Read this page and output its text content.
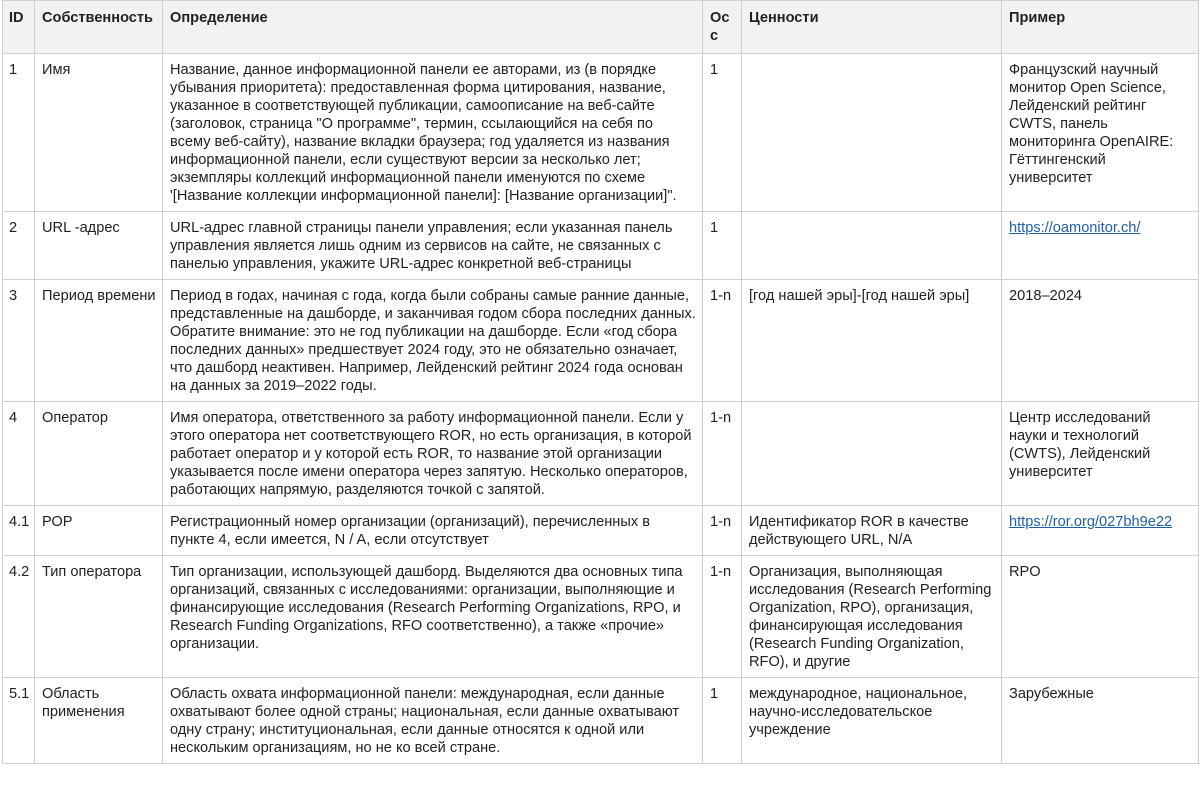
ID	Собственность	Определение	Occ	Ценности	Пример
1	Имя	Название, данное информационной панели ее авторами, из (в порядке убывания приоритета): предоставленная форма цитирования, название, указанное в соответствующей публикации, самоописание на веб-сайте (заголовок, страница "О программе", термин, ссылающийся на себя по всему веб-сайту), название вкладки браузера; год удаляется из названия информационной панели, если существуют версии за несколько лет; экземпляры коллекций информационной панели именуются по схеме '[Название коллекции информационной панели]: [Название организации]".	1		Французский научный монитор Open Science, Лейденский рейтинг CWTS, панель мониторинга OpenAIRE: Гёттингенский университет
2	URL -адрес	URL-адрес главной страницы панели управления; если указанная панель управления является лишь одним из сервисов на сайте, не связанных с панелью управления, укажите URL-адрес конкретной веб-страницы	1		https://oamonitor.ch/
3	Период времени	Период в годах, начиная с года, когда были собраны самые ранние данные, представленные на дашборде, и заканчивая годом сбора последних данных. Обратите внимание: это не год публикации на дашборде. Если «год сбора последних данных» предшествует 2024 году, это не обязательно означает, что дашборд неактивен. Например, Лейденский рейтинг 2024 года основан на данных за 2019–2022 годы.	1-n	[год нашей эры]-[год нашей эры]	2018–2024
4	Оператор	Имя оператора, ответственного за работу информационной панели. Если у этого оператора нет соответствующего ROR, но есть организация, в которой работает оператор и у которой есть ROR, то название этой организации указывается после имени оператора через запятую. Несколько операторов, работающих напрямую, разделяются точкой с запятой.	1-n		Центр исследований науки и технологий (CWTS), Лейденский университет
4.1	РОР	Регистрационный номер организации (организаций), перечисленных в пункте 4, если имеется, N / A, если отсутствует	1-n	Идентификатор ROR в качестве действующего URL, N/A	https://ror.org/027bh9e22
4.2	Тип оператора	Тип организации, использующей дашборд. Выделяются два основных типа организаций, связанных с исследованиями: организации, выполняющие и финансирующие исследования (Research Performing Organizations, RPO, и Research Funding Organizations, RFO соответственно), а также «прочие» организации.	1-n	Организация, выполняющая исследования (Research Performing Organization, RPO), организация, финансирующая исследования (Research Funding Organization, RFO), и другие	RPO
5.1	Область применения	Область охвата информационной панели: международная, если данные охватывают более одной страны; национальная, если данные охватывают одну страну; институциональная, если данные относятся к одной или нескольким организациям, но не ко всей стране.	1	международное, национальное, научно-исследовательское учреждение	Зарубежные
